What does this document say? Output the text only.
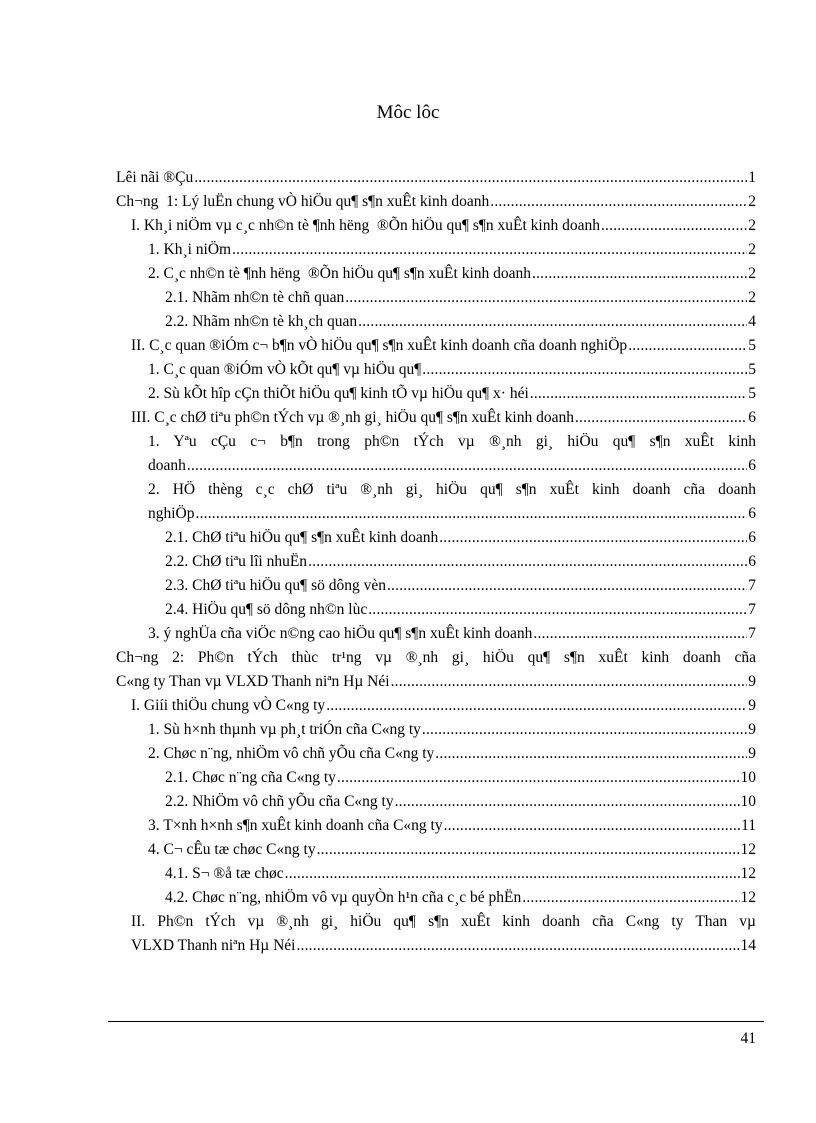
Môc lôc
Lêi nãi ®Çu .....	1
Ch¬ng  1: Lý luËn chung vÒ hiÖu qu¶ s¶n xuÊt kinh doanh .....	2
I. Kh¸i niÖm vµ c¸c nh©n tè ¶nh hëng  ®Õn hiÖu qu¶ s¶n xuÊt kinh doanh .....	2
1. Kh¸i niÖm .....	2
2. C¸c nh©n tè ¶nh hëng  ®Õn hiÖu qu¶ s¶n xuÊt kinh doanh .....	2
2.1. Nhãm nh©n tè chñ quan .....	2
2.2. Nhãm nh©n tè kh¸ch quan .....	4
II. C¸c quan ®iÓm c¬ b¶n vÒ hiÖu qu¶ s¶n xuÊt kinh doanh cña doanh nghiÖp .....	5
1. C¸c quan ®iÓm vÒ kÕt qu¶ vµ hiÖu qu¶ .....	5
2. Sù kÕt hîp cÇn thiÕt hiÖu qu¶ kinh tÕ vµ hiÖu qu¶ x· héi .....	5
III. C¸c chØ tiªu ph©n tÝch vµ ®¸nh gi¸ hiÖu qu¶ s¶n xuÊt kinh doanh .....	6
1. Yªu cÇu c¬ b¶n trong ph©n tÝch vµ ®¸nh gi¸ hiÖu qu¶ s¶n xuÊt kinh
doanh .....	6
2. HÖ thèng c¸c chØ tiªu ®¸nh gi¸ hiÖu qu¶ s¶n xuÊt kinh doanh cña doanh
nghiÖp .....	6
2.1. ChØ tiªu hiÖu qu¶ s¶n xuÊt kinh doanh .....	6
2.2. ChØ tiªu lîi nhuËn .....	6
2.3. ChØ tiªu hiÖu qu¶ sö dông vèn .....	7
2.4. HiÖu qu¶ sö dông nh©n lùc .....	7
3. ý nghÜa cña viÖc n©ng cao hiÖu qu¶ s¶n xuÊt kinh doanh .....	7
Ch¬ng 2: Ph©n tÝch thùc tr¹ng vµ ®¸nh gi¸ hiÖu qu¶ s¶n xuÊt kinh doanh cña
C«ng ty Than vµ VLXD Thanh niªn Hµ Néi .....	9
I. Giíi thiÖu chung vÒ C«ng ty .....	9
1. Sù h×nh thµnh vµ ph¸t triÓn cña C«ng ty .....	9
2. Chøc n¨ng, nhiÖm vô chñ yÕu cña C«ng ty .....	9
2.1. Chøc n¨ng cña C«ng ty .....	10
2.2. NhiÖm vô chñ yÕu cña C«ng ty .....	10
3. T×nh h×nh s¶n xuÊt kinh doanh cña C«ng ty .....	11
4. C¬ cÊu tæ chøc C«ng ty .....	12
4.1. S¬ ®å tæ chøc .....	12
4.2. Chøc n¨ng, nhiÖm vô vµ quyÒn h¹n cña c¸c bé phËn .....	12
II. Ph©n tÝch vµ ®¸nh gi¸ hiÖu qu¶ s¶n xuÊt kinh doanh cña C«ng ty Than vµ
VLXD Thanh niªn Hµ Néi .....	14
41
